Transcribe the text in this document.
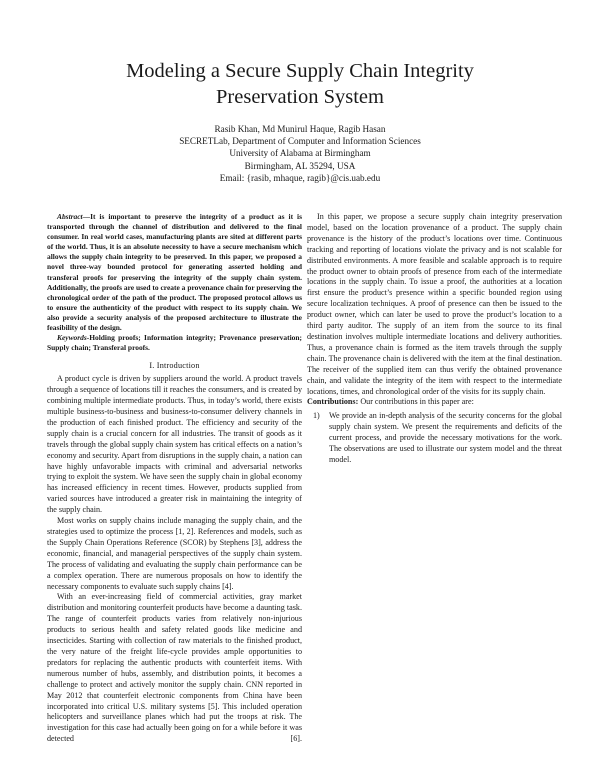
Modeling a Secure Supply Chain Integrity
Preservation System
Rasib Khan, Md Munirul Haque, Ragib Hasan
SECRETLab, Department of Computer and Information Sciences
University of Alabama at Birmingham
Birmingham, AL 35294, USA
Email: {rasib, mhaque, ragib}@cis.uab.edu

Abstract—It is important to preserve the integrity of a product as it is transported through the channel of distribution and delivered to the final consumer. In real world cases, manufacturing plants are sited at different parts of the world. Thus, it is an absolute necessity to have a secure mechanism which allows the supply chain integrity to be preserved. In this paper, we proposed a novel three-way bounded protocol for generating asserted holding and transferal proofs for preserving the integrity of the supply chain system. Additionally, the proofs are used to create a provenance chain for preserving the chronological order of the path of the product. The proposed protocol allows us to ensure the authenticity of the product with respect to its supply chain. We also provide a security analysis of the proposed architecture to illustrate the feasibility of the design.

Keywords-Holding proofs; Information integrity; Provenance preservation; Supply chain; Transferal proofs.

I. Introduction

A product cycle is driven by suppliers around the world. A product travels through a sequence of locations till it reaches the consumers, and is created by combining multiple intermediate products. Thus, in today’s world, there exists multiple business-to-business and business-to-consumer delivery channels in the production of each finished product. The efficiency and security of the supply chain is a crucial concern for all industries. The transit of goods as it travels through the global supply chain system has critical effects on a nation’s economy and security. Apart from disruptions in the supply chain, a nation can have highly unfavorable impacts with criminal and adversarial networks trying to exploit the system. We have seen the supply chain in global economy has increased efficiency in recent times. However, products supplied from varied sources have introduced a greater risk in maintaining the integrity of the supply chain.

Most works on supply chains include managing the supply chain, and the strategies used to optimize the process [1, 2]. References and models, such as the Supply Chain Operations Reference (SCOR) by Stephens [3], address the economic, financial, and managerial perspectives of the supply chain system. The process of validating and evaluating the supply chain performance can be a complex operation. There are numerous proposals on how to identify the necessary components to evaluate such supply chains [4].

With an ever-increasing field of commercial activities, gray market distribution and monitoring counterfeit products have become a daunting task. The range of counterfeit products varies from relatively non-injurious products to serious health and safety related goods like medicine and insecticides. Starting with collection of raw materials to the finished product, the very nature of the freight life-cycle provides ample opportunities to predators for replacing the authentic products with counterfeit items. With numerous number of hubs, assembly, and distribution points, it becomes a challenge to protect and actively monitor the supply chain. CNN reported in May 2012 that counterfeit electronic components from China have been incorporated into critical U.S. military systems [5]. This included operation helicopters and surveillance planes which had put the troops at risk. The investigation for this case had actually been going on for a while before it was detected [6].

In this paper, we propose a secure supply chain integrity preservation model, based on the location provenance of a product. The supply chain provenance is the history of the product’s locations over time. Continuous tracking and reporting of locations violate the privacy and is not scalable for distributed environments. A more feasible and scalable approach is to require the product owner to obtain proofs of presence from each of the intermediate locations in the supply chain. To issue a proof, the authorities at a location first ensure the product’s presence within a specific bounded region using secure localization techniques. A proof of presence can then be issued to the product owner, which can later be used to prove the product’s location to a third party auditor. The supply of an item from the source to its final destination involves multiple intermediate locations and delivery authorities. Thus, a provenance chain is formed as the item travels through the supply chain. The provenance chain is delivered with the item at the final destination. The receiver of the supplied item can thus verify the obtained provenance chain, and validate the integrity of the item with respect to the intermediate locations, times, and chronological order of the visits for its supply chain.

Contributions: Our contributions in this paper are:

1) We provide an in-depth analysis of the security concerns for the global supply chain system. We present the requirements and deficits of the current process, and provide the necessary motivations for the work. The observations are used to illustrate our system model and the threat model.
